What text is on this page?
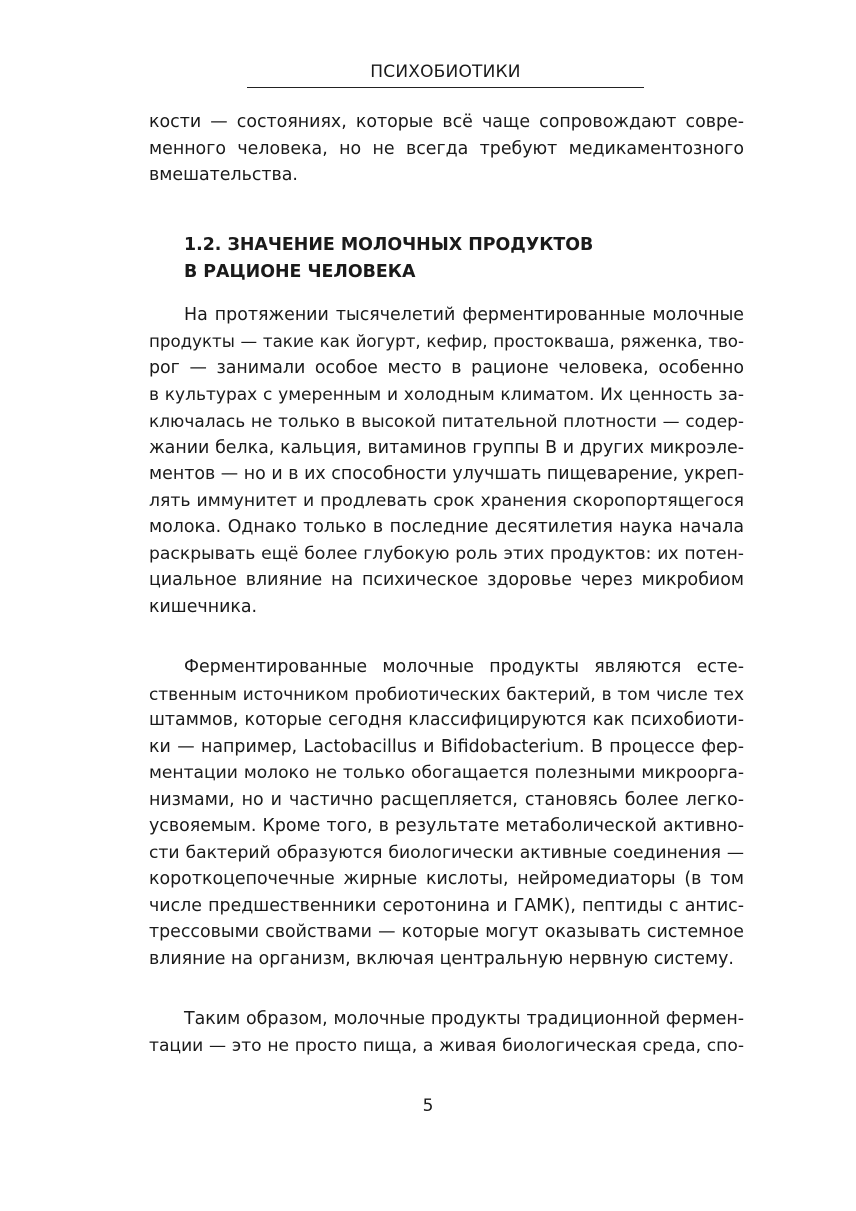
ПСИХОБИОТИКИ
кости — состояниях, которые всё чаще сопровождают совре-
менного человека, но не всегда требуют медикаментозного
вмешательства.
1.2. ЗНАЧЕНИЕ МОЛОЧНЫХ ПРОДУКТОВ
В РАЦИОНЕ ЧЕЛОВЕКА
На протяжении тысячелетий ферментированные молочные
продукты — такие как йогурт, кефир, простокваша, ряженка, тво-
рог — занимали особое место в рационе человека, особенно
в культурах с умеренным и холодным климатом. Их ценность за-
ключалась не только в высокой питательной плотности — содер-
жании белка, кальция, витаминов группы B и других микроэле-
ментов — но и в их способности улучшать пищеварение, укреп-
лять иммунитет и продлевать срок хранения скоропортящегося
молока. Однако только в последние десятилетия наука начала
раскрывать ещё более глубокую роль этих продуктов: их потен-
циальное влияние на психическое здоровье через микробиом
кишечника.
Ферментированные молочные продукты являются есте-
ственным источником пробиотических бактерий, в том числе тех
штаммов, которые сегодня классифицируются как психобиоти-
ки — например, Lactobacillus и Bifidobacterium. В процессе фер-
ментации молоко не только обогащается полезными микроорга-
низмами, но и частично расщепляется, становясь более легко-
усвояемым. Кроме того, в результате метаболической активно-
сти бактерий образуются биологически активные соединения —
короткоцепочечные жирные кислоты, нейромедиаторы (в том
числе предшественники серотонина и ГАМК), пептиды с антис-
трессовыми свойствами — которые могут оказывать системное
влияние на организм, включая центральную нервную систему.
Таким образом, молочные продукты традиционной фермен-
тации — это не просто пища, а живая биологическая среда, спо-
5
